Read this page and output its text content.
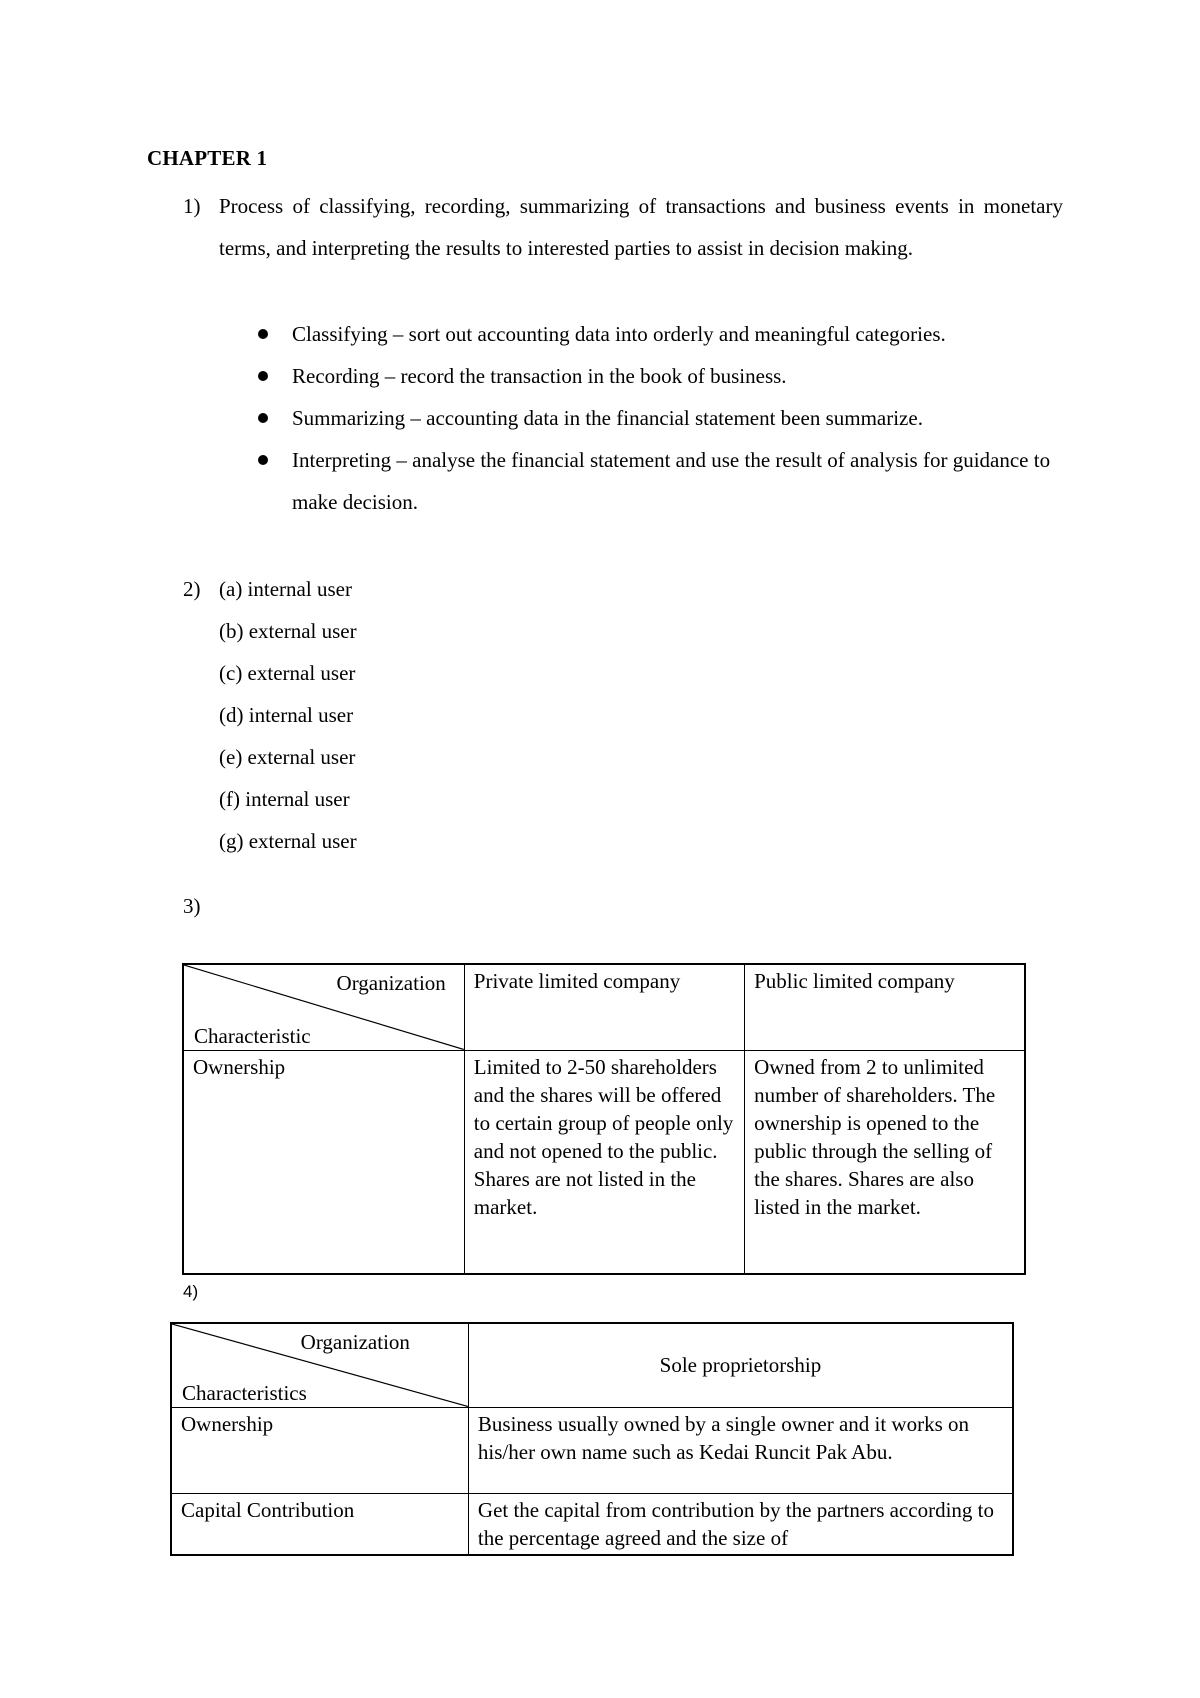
CHAPTER 1
1) Process of classifying, recording, summarizing of transactions and business events in monetary terms, and interpreting the results to interested parties to assist in decision making.
Classifying – sort out accounting data into orderly and meaningful categories.
Recording – record the transaction in the book of business.
Summarizing – accounting data in the financial statement been summarize.
Interpreting – analyse the financial statement and use the result of analysis for guidance to make decision.
2) (a) internal user
(b) external user
(c) external user
(d) internal user
(e) external user
(f) internal user
(g) external user
3)
Organization
Characteristic	Private limited company	Public limited company
Ownership	Limited to 2-50 shareholders and the shares will be offered to certain group of people only and not opened to the public. Shares are not listed in the market.	Owned from 2 to unlimited number of shareholders. The ownership is opened to the public through the selling of the shares. Shares are also listed in the market.
4)
Organization
Characteristics	Sole proprietorship
Ownership	Business usually owned by a single owner and it works on his/her own name such as Kedai Runcit Pak Abu.
Capital Contribution	Get the capital from contribution by the partners according to the percentage agreed and the size of
